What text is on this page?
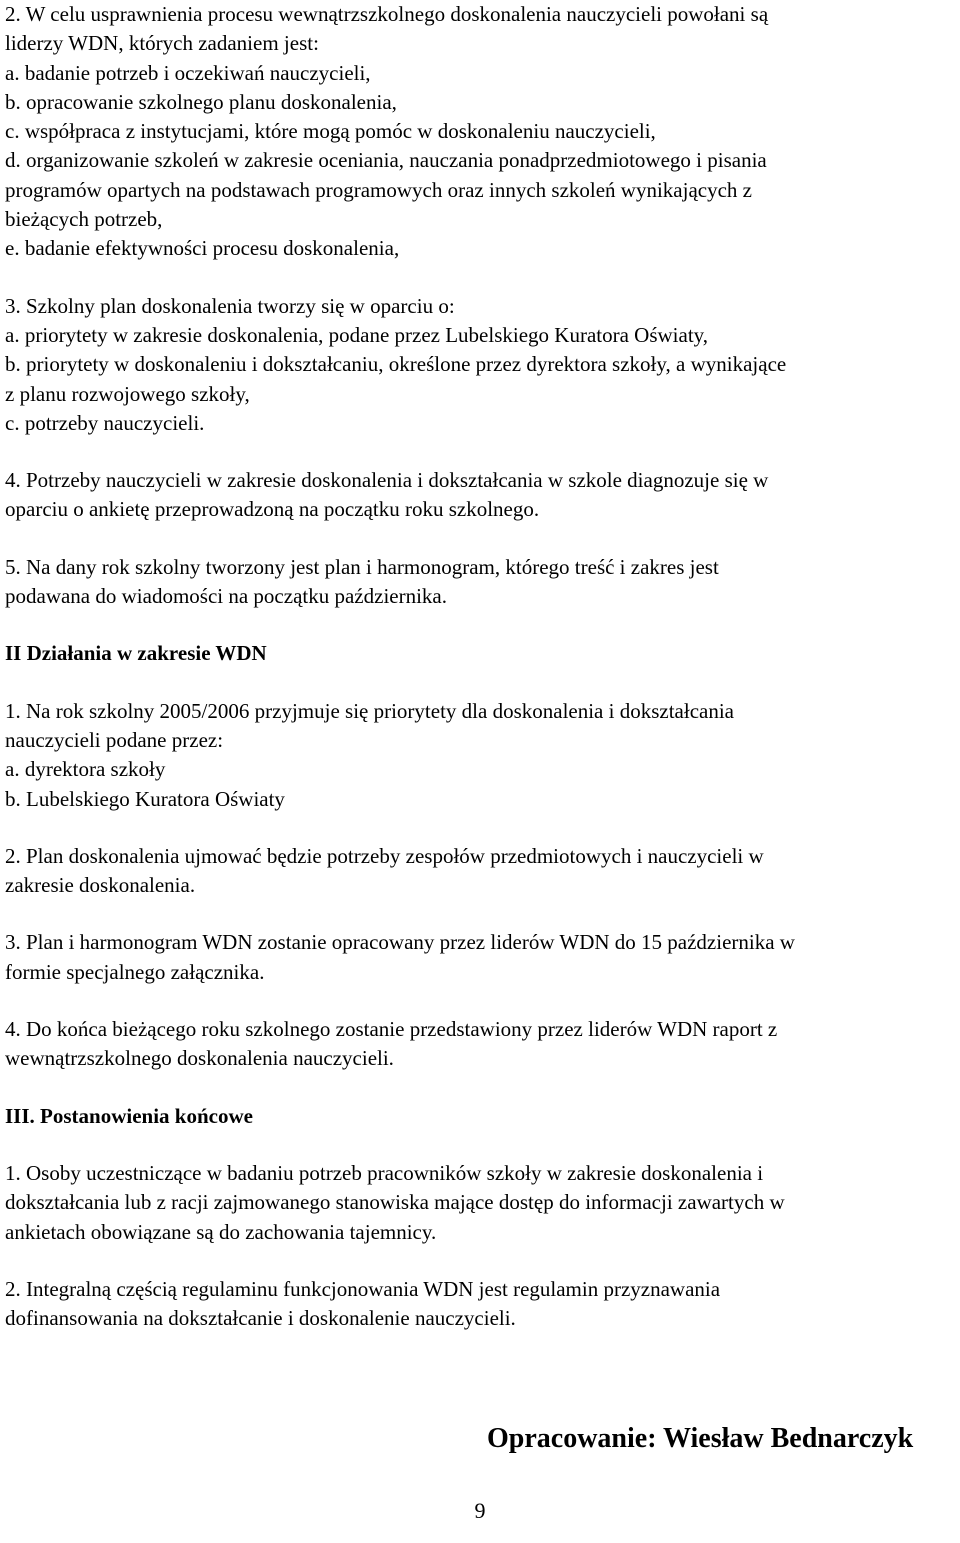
2. W celu usprawnienia procesu wewnątrzszkolnego doskonalenia nauczycieli powołani są
liderzy WDN, których zadaniem jest:
a. badanie potrzeb i oczekiwań nauczycieli,
b. opracowanie szkolnego planu doskonalenia,
c. współpraca z instytucjami, które mogą pomóc w doskonaleniu nauczycieli,
d. organizowanie szkoleń w zakresie oceniania, nauczania ponadprzedmiotowego i pisania
programów opartych na podstawach programowych oraz innych szkoleń wynikających z
bieżących potrzeb,
e. badanie efektywności procesu doskonalenia,
3. Szkolny plan doskonalenia tworzy się w oparciu o:
a. priorytety w zakresie doskonalenia, podane przez Lubelskiego Kuratora Oświaty,
b. priorytety w doskonaleniu i dokształcaniu, określone przez dyrektora szkoły, a wynikające
z planu rozwojowego szkoły,
c. potrzeby nauczycieli.
4. Potrzeby nauczycieli w zakresie doskonalenia i dokształcania w szkole diagnozuje się w
oparciu o ankietę przeprowadzoną na początku roku szkolnego.
5. Na dany rok szkolny tworzony jest plan i harmonogram, którego treść i zakres jest
podawana do wiadomości na początku października.
II Działania w zakresie WDN
1. Na rok szkolny 2005/2006 przyjmuje się priorytety dla doskonalenia i dokształcania
nauczycieli podane przez:
a. dyrektora szkoły
b. Lubelskiego Kuratora Oświaty
2. Plan doskonalenia ujmować będzie potrzeby zespołów przedmiotowych i nauczycieli w
zakresie doskonalenia.
3. Plan i harmonogram WDN zostanie opracowany przez liderów WDN do 15 października w
formie specjalnego załącznika.
4. Do końca bieżącego roku szkolnego zostanie przedstawiony przez liderów WDN raport z
wewnątrzszkolnego doskonalenia nauczycieli.
III. Postanowienia końcowe
1. Osoby uczestniczące w badaniu potrzeb pracowników szkoły w zakresie doskonalenia i
dokształcania lub z racji zajmowanego stanowiska mające dostęp do informacji zawartych w
ankietach obowiązane są do zachowania tajemnicy.
2. Integralną częścią regulaminu funkcjonowania WDN jest regulamin przyznawania
dofinansowania na dokształcanie i doskonalenie nauczycieli.
Opracowanie: Wiesław Bednarczyk
9
